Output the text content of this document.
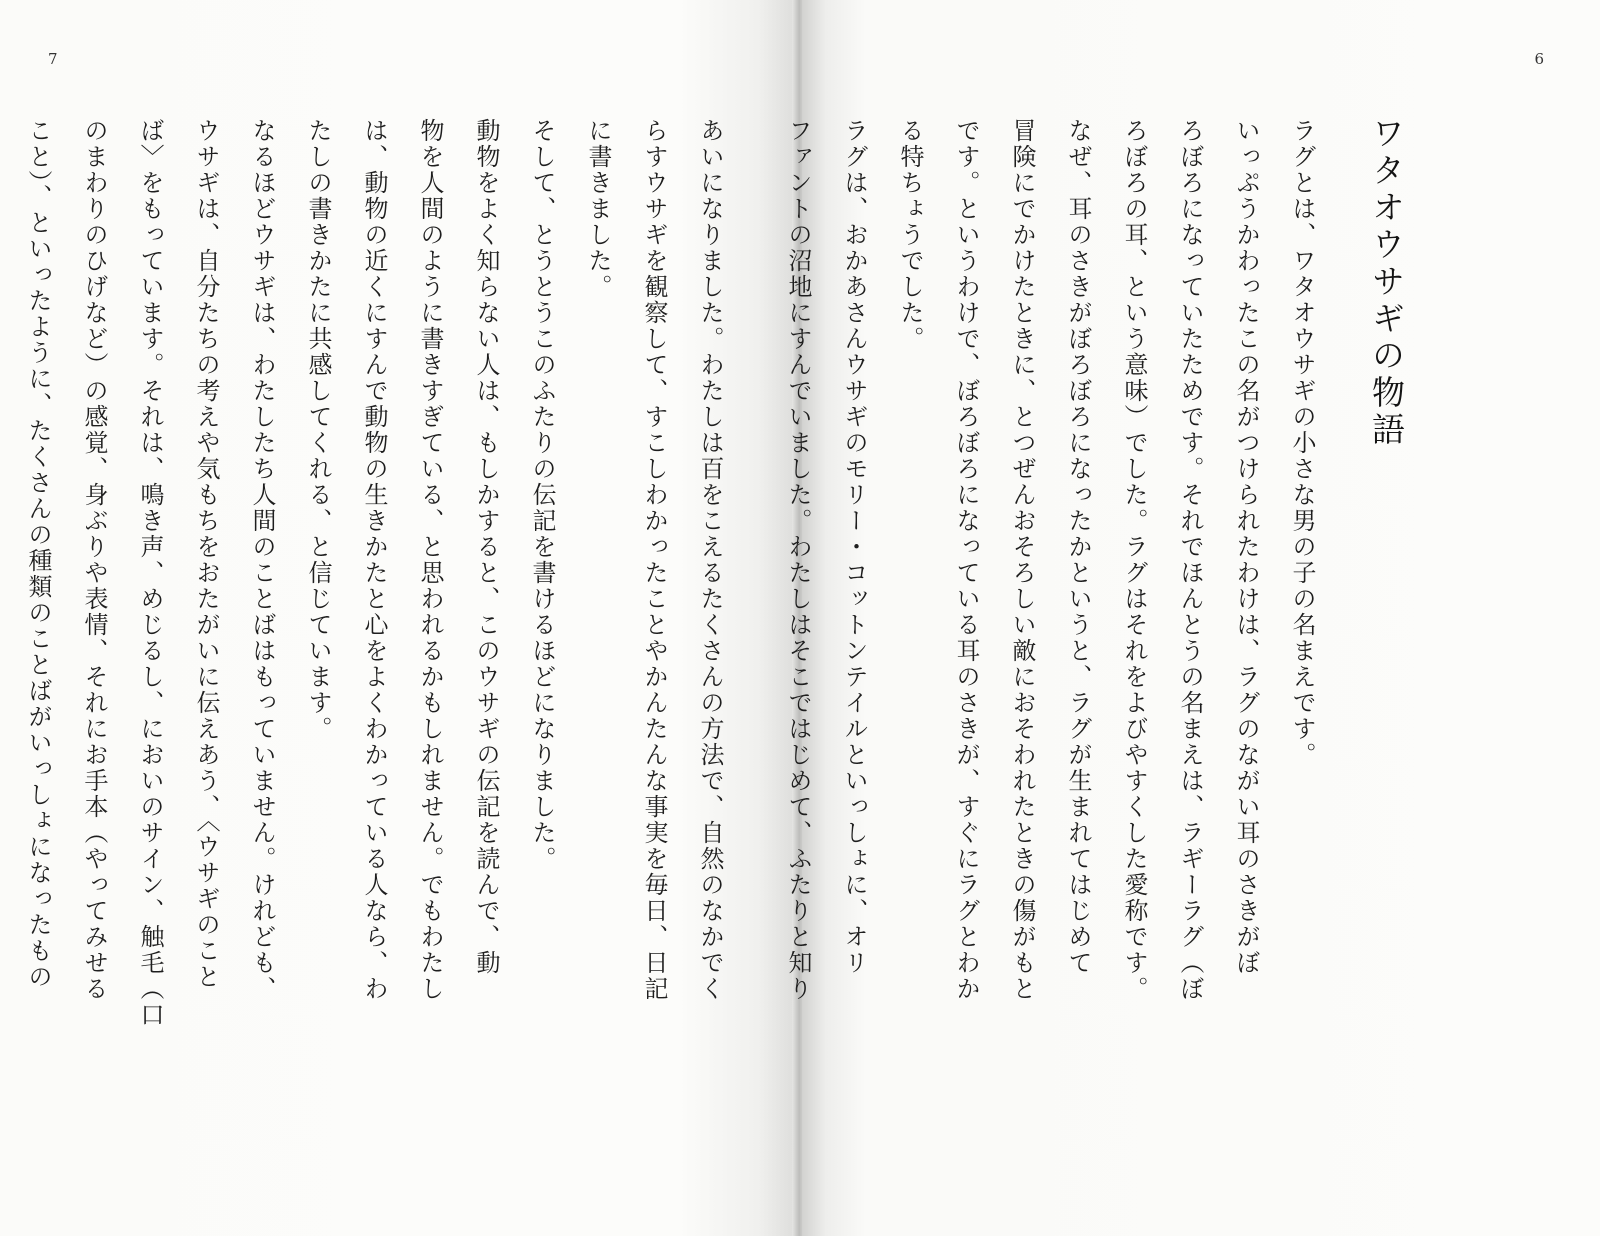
7
あいになりました。わたしは百をこえるたくさんの方法で、自然のなかでく
らすウサギを観察して、すこしわかったことやかんたんな事実を毎日、日記
に書きました。
そして、とうとうこのふたりの伝記を書けるほどになりました。
動物をよく知らない人は、もしかすると、このウサギの伝記を読んで、動
物を人間のように書きすぎている、と思われるかもしれません。でもわたし
は、動物の近くにすんで動物の生きかたと心をよくわかっている人なら、わ
たしの書きかたに共感してくれる、と信じています。
なるほどウサギは、わたしたち人間のことばはもっていません。けれども、
ウサギは、自分たちの考えや気もちをおたがいに伝えあう、〈ウサギのこと
ば〉をもっています。それは、鳴き声、めじるし、においのサイン、触毛（口
のまわりのひげなど）の感覚、身ぶりや表情、それにお手本（やってみせる
こと）、といったように、たくさんの種類のことばがいっしょになったもの
6
ワタオウサギの物語
ラグとは、ワタオウサギの小さな男の子の名まえです。
いっぷうかわったこの名がつけられたわけは、ラグのながい耳のさきがぼ
ろぼろになっていたためです。それでほんとうの名まえは、ラギーラグ（ぼ
ろぼろの耳、という意味）でした。ラグはそれをよびやすくした愛称です。
なぜ、耳のさきがぼろぼろになったかというと、ラグが生まれてはじめて
冒険にでかけたときに、とつぜんおそろしい敵におそわれたときの傷がもと
です。というわけで、ぼろぼろになっている耳のさきが、すぐにラグとわか
る特ちょうでした。
ラグは、おかあさんウサギのモリー・コットンテイルといっしょに、オリ
ファントの沼地にすんでいました。わたしはそこではじめて、ふたりと知り
